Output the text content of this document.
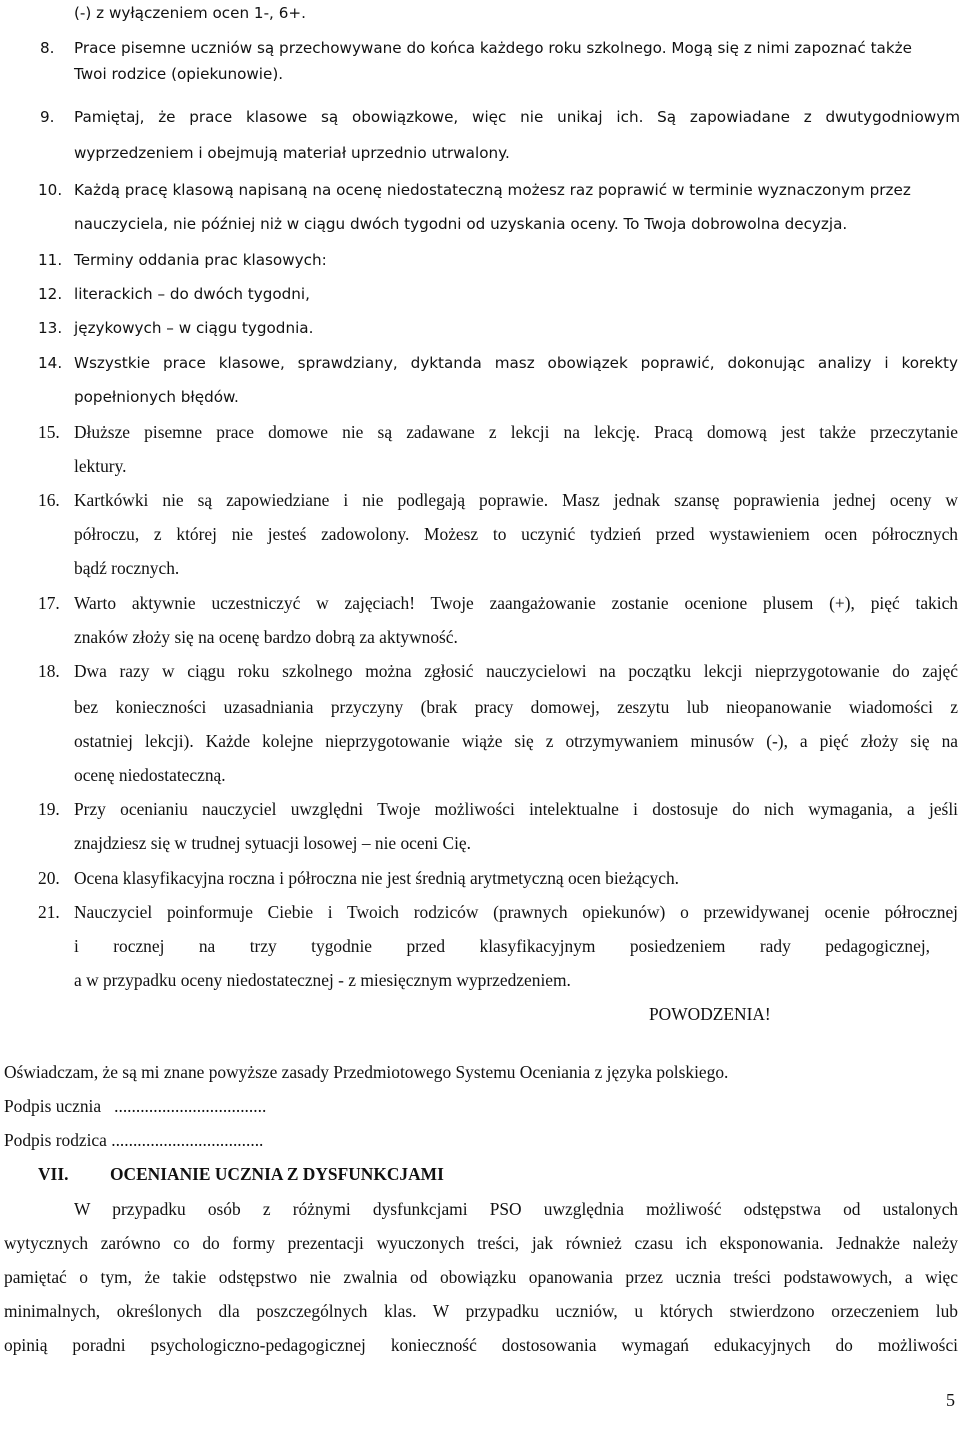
(-) z wyłączeniem ocen 1-, 6+.
8. Prace pisemne uczniów są przechowywane do końca każdego roku szkolnego. Mogą się z nimi zapoznać także
Twoi rodzice (opiekunowie).
9. Pamiętaj, że prace klasowe są obowiązkowe, więc nie unikaj ich. Są zapowiadane z dwutygodniowym
wyprzedzeniem i obejmują materiał uprzednio utrwalony.
10. Każdą pracę klasową napisaną na ocenę niedostateczną możesz raz poprawić w terminie wyznaczonym przez
nauczyciela, nie później niż w ciągu dwóch tygodni od uzyskania oceny. To Twoja dobrowolna decyzja.
11. Terminy oddania prac klasowych:
12. literackich – do dwóch tygodni,
13. językowych – w ciągu tygodnia.
14. Wszystkie prace klasowe, sprawdziany, dyktanda masz obowiązek poprawić, dokonując analizy i korekty
popełnionych błędów.
15. Dłuższe pisemne prace domowe nie są zadawane z lekcji na lekcję. Pracą domową jest także przeczytanie
lektury.
16. Kartkówki nie są zapowiedziane i nie podlegają poprawie. Masz jednak szansę poprawienia jednej oceny w
półroczu, z której nie jesteś zadowolony. Możesz to uczynić tydzień przed wystawieniem ocen półrocznych
bądź rocznych.
17. Warto aktywnie uczestniczyć w zajęciach! Twoje zaangażowanie zostanie ocenione plusem (+), pięć takich
znaków złoży się na ocenę bardzo dobrą za aktywność.
18. Dwa razy w ciągu roku szkolnego można zgłosić nauczycielowi na początku lekcji nieprzygotowanie do zajęć
bez konieczności uzasadniania przyczyny (brak pracy domowej, zeszytu lub nieopanowanie wiadomości z
ostatniej lekcji). Każde kolejne nieprzygotowanie wiąże się z otrzymywaniem minusów (-), a pięć złoży się na
ocenę niedostateczną.
19. Przy ocenianiu nauczyciel uwzględni Twoje możliwości intelektualne i dostosuje do nich wymagania, a jeśli
znajdziesz się w trudnej sytuacji losowej – nie oceni Cię.
20. Ocena klasyfikacyjna roczna i półroczna nie jest średnią arytmetyczną ocen bieżących.
21. Nauczyciel poinformuje Ciebie i Twoich rodziców (prawnych opiekunów) o przewidywanej ocenie półrocznej
i rocznej na trzy tygodnie przed klasyfikacyjnym posiedzeniem rady pedagogicznej,
a w przypadku oceny niedostatecznej - z miesięcznym wyprzedzeniem.
POWODZENIA!
Oświadczam, że są mi znane powyższe zasady Przedmiotowego Systemu Oceniania z języka polskiego.
Podpis ucznia   ...................................
Podpis rodzica ...................................
VII. OCENIANIE UCZNIA Z DYSFUNKCJAMI
W przypadku osób z różnymi dysfunkcjami PSO uwzględnia możliwość odstępstwa od ustalonych
wytycznych zarówno co do formy prezentacji wyuczonych treści, jak również czasu ich eksponowania. Jednakże należy
pamiętać o tym, że takie odstępstwo nie zwalnia od obowiązku opanowania przez ucznia treści podstawowych, a więc
minimalnych, określonych dla poszczególnych klas. W przypadku uczniów, u których stwierdzono orzeczeniem lub
opinią poradni psychologiczno-pedagogicznej konieczność dostosowania wymagań edukacyjnych do możliwości
5
